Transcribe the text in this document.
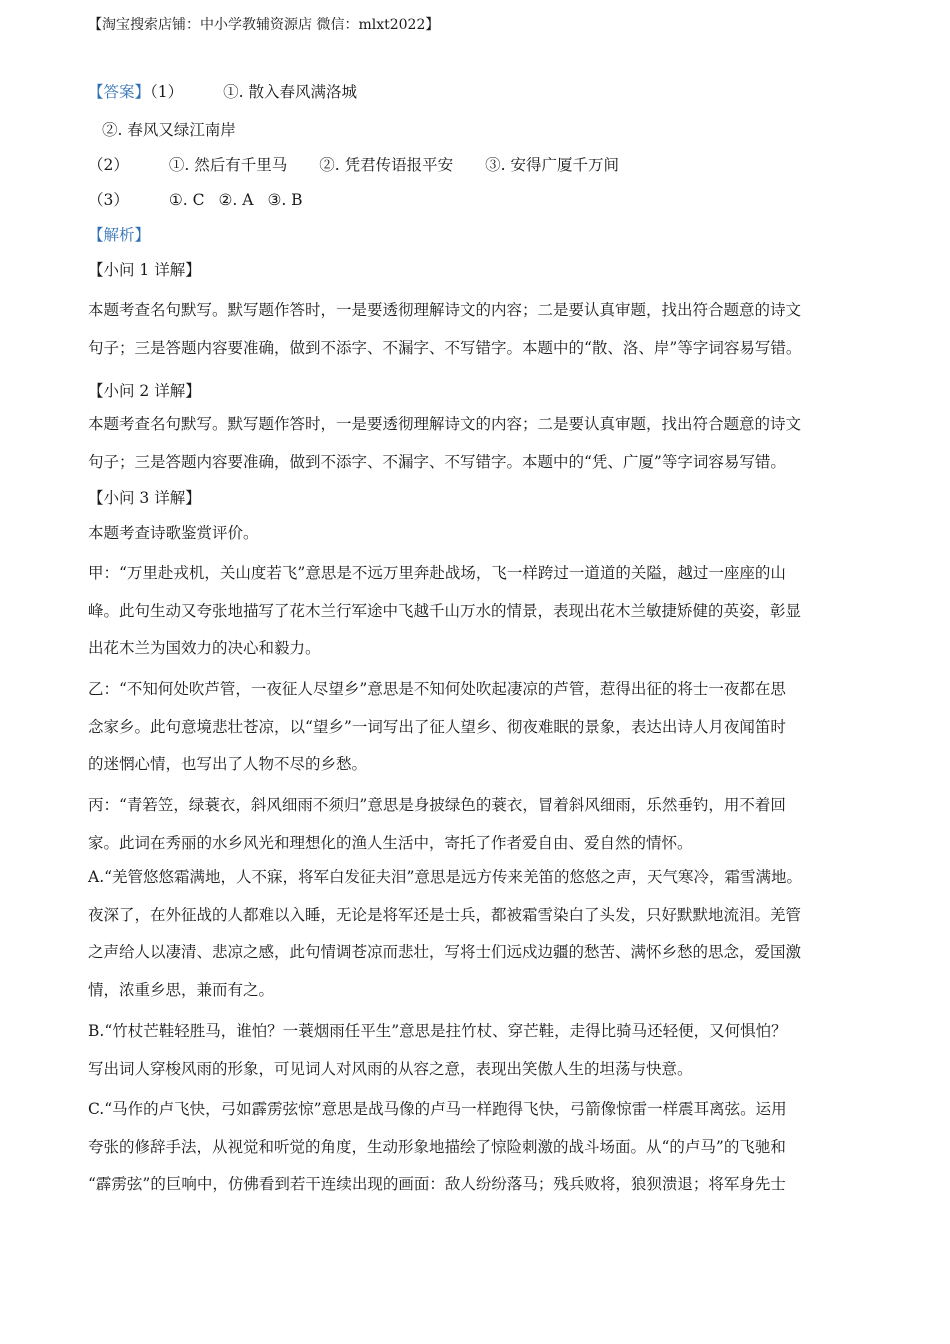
【淘宝搜索店铺：中小学教辅资源店 微信：mlxt2022】
【答案】（1）	①. 散入春风满洛城
②. 春风又绿江南岸
（2）	①. 然后有千里马 ②. 凭君传语报平安 ③. 安得广厦千万间
（3）	①. C ②. A ③. B
【解析】
【小问 1 详解】
本题考查名句默写。默写题作答时，一是要透彻理解诗文的内容；二是要认真审题，找出符合题意的诗文
句子；三是答题内容要准确，做到不添字、不漏字、不写错字。本题中的“散、洛、岸”等字词容易写错。
【小问 2 详解】
本题考查名句默写。默写题作答时，一是要透彻理解诗文的内容；二是要认真审题，找出符合题意的诗文
句子；三是答题内容要准确，做到不添字、不漏字、不写错字。本题中的“凭、广厦”等字词容易写错。
【小问 3 详解】
本题考查诗歌鉴赏评价。
甲：“万里赴戎机，关山度若飞”意思是不远万里奔赴战场，飞一样跨过一道道的关隘，越过一座座的山
峰。此句生动又夸张地描写了花木兰行军途中飞越千山万水的情景，表现出花木兰敏捷矫健的英姿，彰显
出花木兰为国效力的决心和毅力。
乙：“不知何处吹芦管，一夜征人尽望乡”意思是不知何处吹起凄凉的芦管，惹得出征的将士一夜都在思
念家乡。此句意境悲壮苍凉，以“望乡”一词写出了征人望乡、彻夜难眠的景象，表达出诗人月夜闻笛时
的迷惘心情，也写出了人物不尽的乡愁。
丙：“青箬笠，绿蓑衣，斜风细雨不须归”意思是身披绿色的蓑衣，冒着斜风细雨，乐然垂钓，用不着回
家。此词在秀丽的水乡风光和理想化的渔人生活中，寄托了作者爱自由、爱自然的情怀。
A.“羌管悠悠霜满地，人不寐，将军白发征夫泪”意思是远方传来羌笛的悠悠之声，天气寒冷，霜雪满地。
夜深了，在外征战的人都难以入睡，无论是将军还是士兵，都被霜雪染白了头发，只好默默地流泪。羌管
之声给人以凄清、悲凉之感，此句情调苍凉而悲壮，写将士们远戍边疆的愁苦、满怀乡愁的思念，爱国激
情，浓重乡思，兼而有之。
B.“竹杖芒鞋轻胜马，谁怕？一蓑烟雨任平生”意思是拄竹杖、穿芒鞋，走得比骑马还轻便，又何惧怕？
写出词人穿梭风雨的形象，可见词人对风雨的从容之意，表现出笑傲人生的坦荡与快意。
C.“马作的卢飞快，弓如霹雳弦惊”意思是战马像的卢马一样跑得飞快，弓箭像惊雷一样震耳离弦。运用
夸张的修辞手法，从视觉和听觉的角度，生动形象地描绘了惊险刺激的战斗场面。从“的卢马”的飞驰和
“霹雳弦”的巨响中，仿佛看到若干连续出现的画面：敌人纷纷落马；残兵败将，狼狈溃退；将军身先士
